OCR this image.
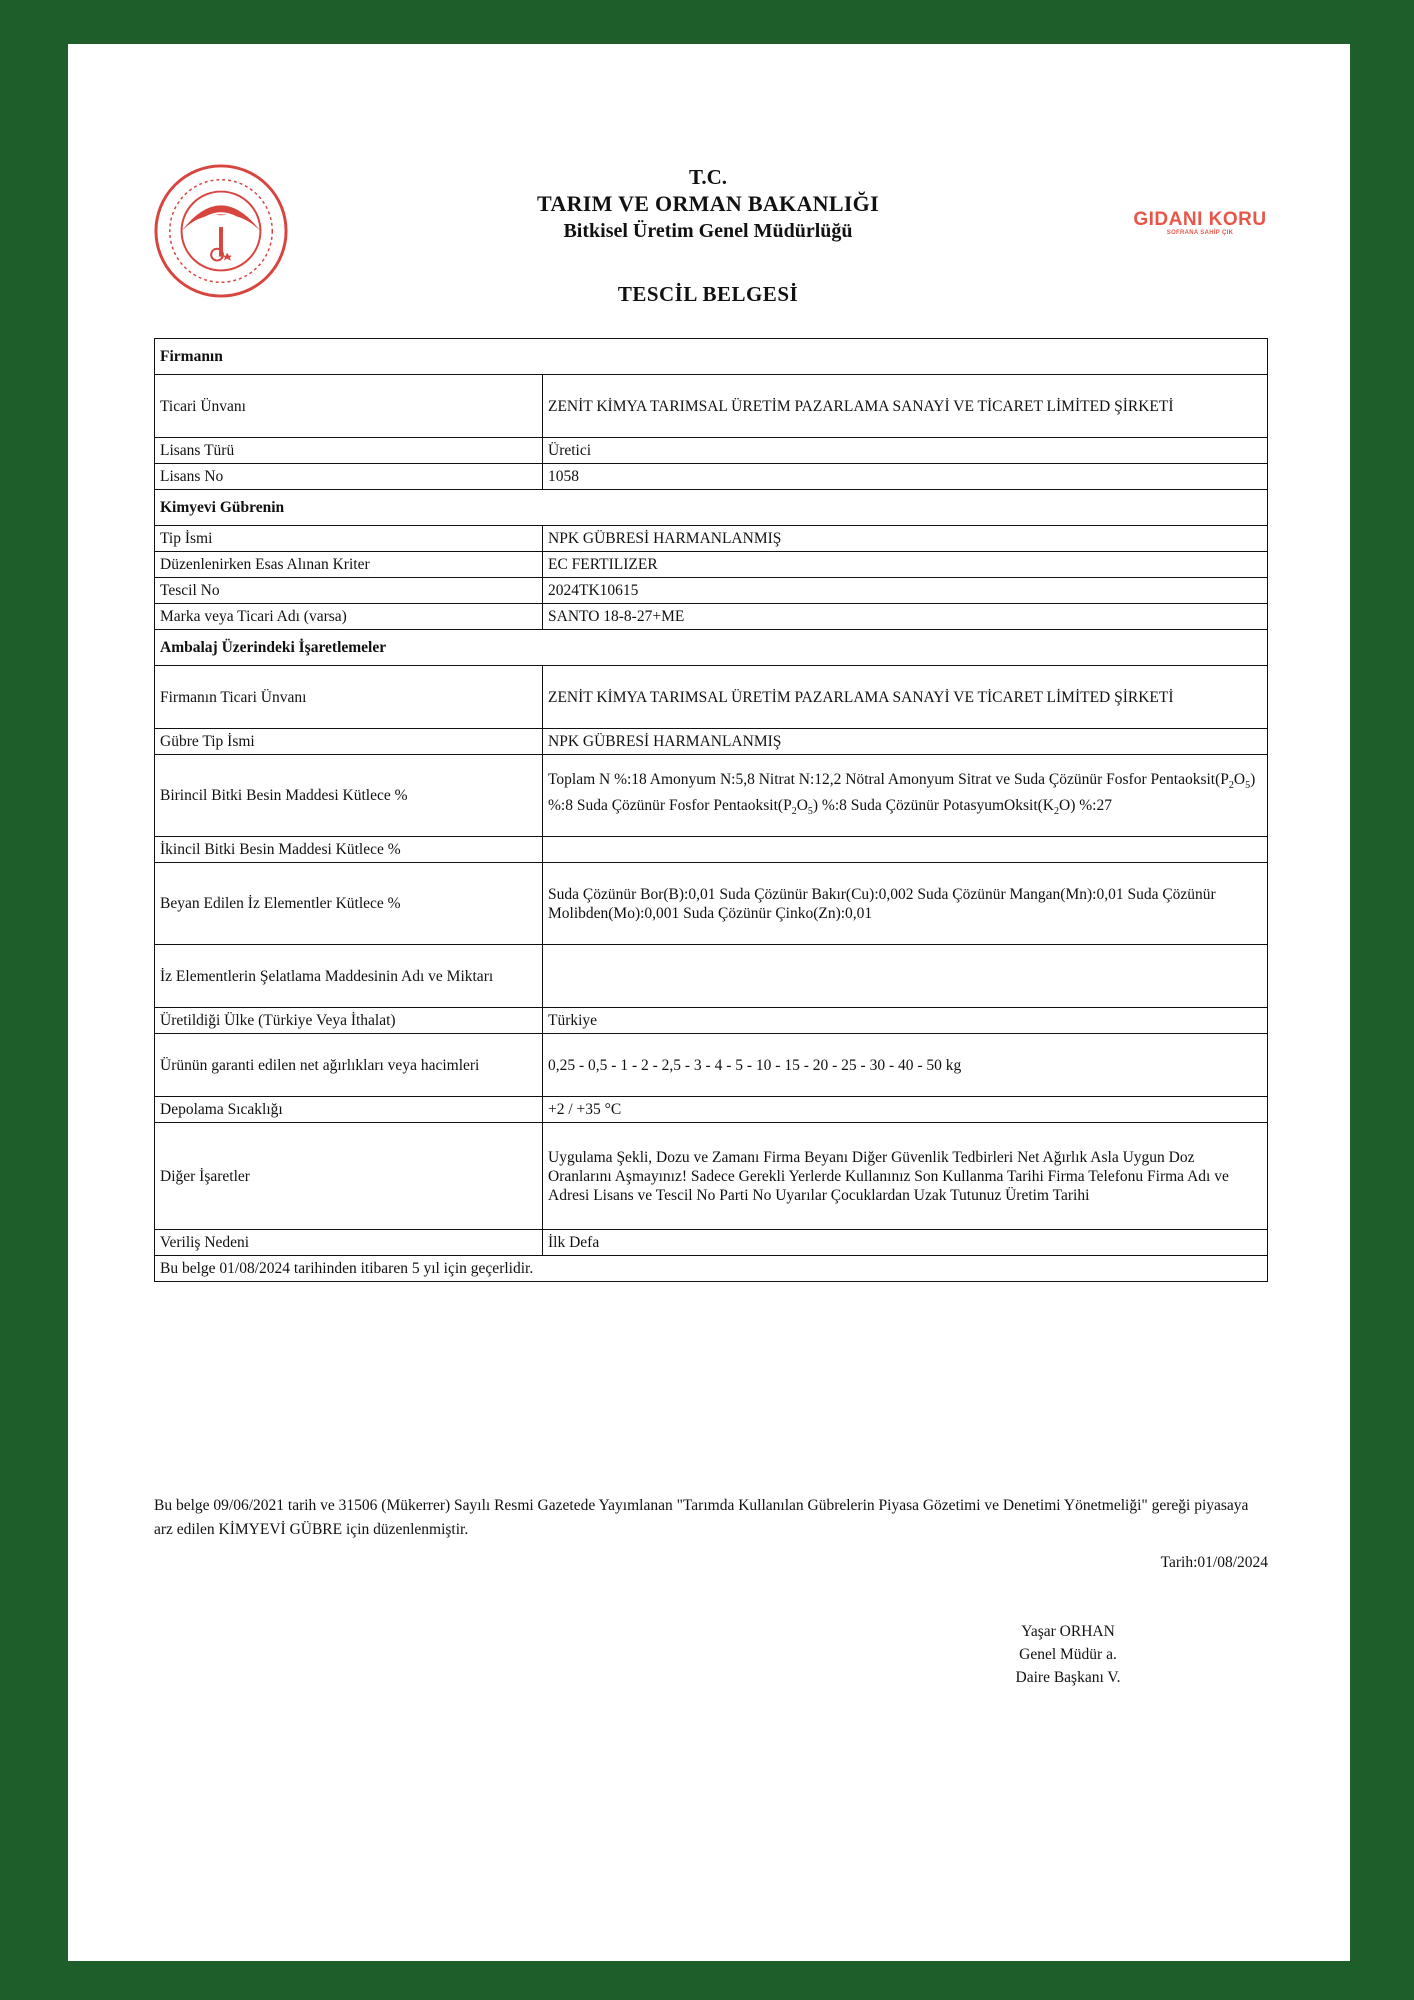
GIDANI KORU
SOFRANA SAHİP ÇIK
T.C.
TARIM VE ORMAN BAKANLIĞI
Bitkisel Üretim Genel Müdürlüğü
TESCİL BELGESİ
Firmanın	
Ticari Ünvanı	ZENİT KİMYA TARIMSAL ÜRETİM PAZARLAMA SANAYİ VE TİCARET LİMİTED ŞİRKETİ
Lisans Türü	Üretici
Lisans No	1058
Kimyevi Gübrenin	
Tip İsmi	NPK GÜBRESİ HARMANLANMIŞ
Düzenlenirken Esas Alınan Kriter	EC FERTILIZER
Tescil No	2024TK10615
Marka veya Ticari Adı (varsa)	SANTO 18-8-27+ME
Ambalaj Üzerindeki İşaretlemeler	
Firmanın Ticari Ünvanı	ZENİT KİMYA TARIMSAL ÜRETİM PAZARLAMA SANAYİ VE TİCARET LİMİTED ŞİRKETİ
Gübre Tip İsmi	NPK GÜBRESİ HARMANLANMIŞ
Birincil Bitki Besin Maddesi Kütlece %	Toplam N %:18 Amonyum N:5,8 Nitrat N:12,2 Nötral Amonyum Sitrat ve Suda Çözünür Fosfor $Pentaoksit(P_2O_5)$ %:8 Suda Çözünür Fosfor $Pentaoksit(P_2O_5)$ %:8 Suda Çözünür $PotasyumOksit(K_2O)$ %:27
İkincil Bitki Besin Maddesi Kütlece %	
Beyan Edilen İz Elementler Kütlece %	Suda Çözünür Bor(B):0,01 Suda Çözünür Bakır(Cu):0,002 Suda Çözünür Mangan(Mn):0,01 Suda Çözünür Molibden(Mo):0,001 Suda Çözünür Çinko(Zn):0,01
İz Elementlerin Şelatlama Maddesinin Adı ve Miktarı	
Üretildiği Ülke (Türkiye Veya İthalat)	Türkiye
Ürünün garanti edilen net ağırlıkları veya hacimleri	0,25 - 0,5 - 1 - 2 - 2,5 - 3 - 4 - 5 - 10 - 15 - 20 - 25 - 30 - 40 - 50 kg
Depolama Sıcaklığı	+2 / +35 °C
Diğer İşaretler	Uygulama Şekli, Dozu ve Zamanı Firma Beyanı Diğer Güvenlik Tedbirleri Net Ağırlık Asla Uygun Doz Oranlarını Aşmayınız! Sadece Gerekli Yerlerde Kullanınız Son Kullanma Tarihi Firma Telefonu Firma Adı ve Adresi Lisans ve Tescil No Parti No Uyarılar Çocuklardan Uzak Tutunuz Üretim Tarihi
Veriliş Nedeni	İlk Defa
Bu belge 01/08/2024 tarihinden itibaren 5 yıl için geçerlidir.	
Bu belge 09/06/2021 tarih ve 31506 (Mükerrer) Sayılı Resmi Gazetede Yayımlanan "Tarımda Kullanılan Gübrelerin Piyasa Gözetimi ve Denetimi Yönetmeliği" gereği piyasaya arz edilen KİMYEVİ GÜBRE için düzenlenmiştir.
Tarih:01/08/2024
Yaşar ORHAN
Genel Müdür a.
Daire Başkanı V.
